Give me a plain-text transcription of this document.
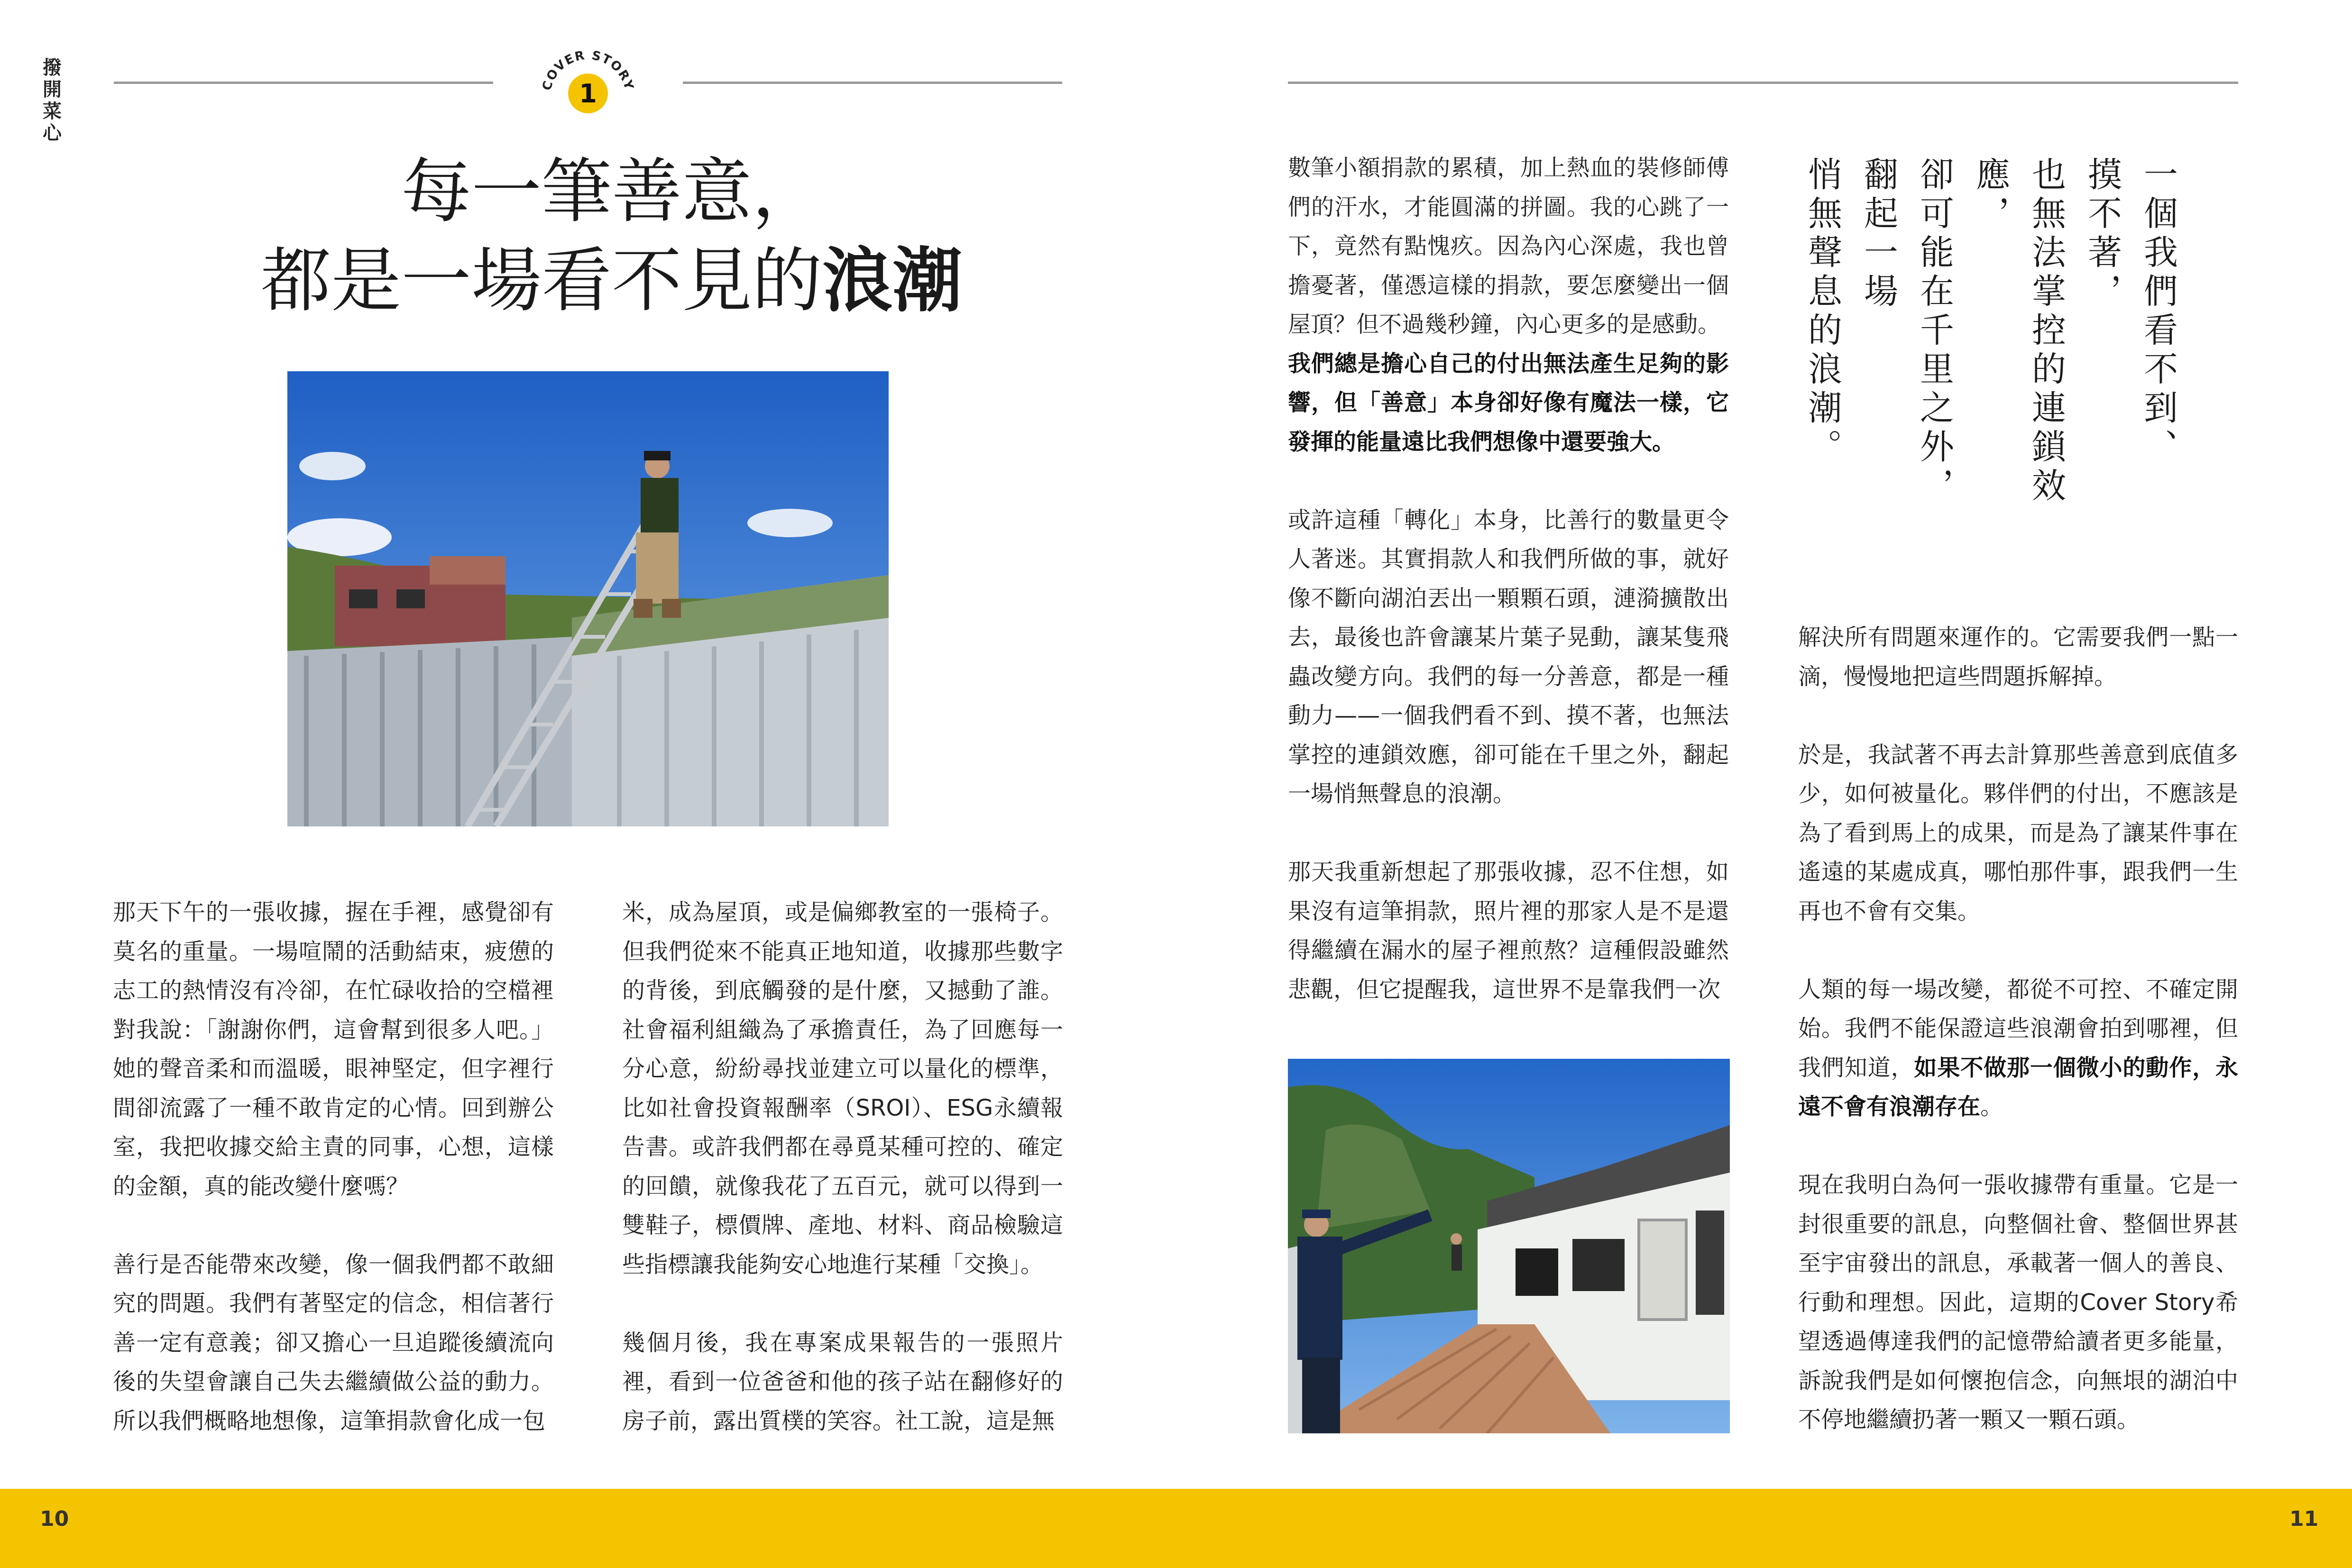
撥開菜心
COVER STORY
1
每一筆善意，
都是一場看不見的浪潮

那天下午的一張收據，握在手裡，感覺卻有莫名的重量。一場喧鬧的活動結束，疲憊的志工的熱情沒有冷卻，在忙碌收拾的空檔裡對我說：「謝謝你們，這會幫到很多人吧。」她的聲音柔和而溫暖，眼神堅定，但字裡行間卻流露了一種不敢肯定的心情。回到辦公室，我把收據交給主責的同事，心想，這樣的金額，真的能改變什麼嗎？

善行是否能帶來改變，像一個我們都不敢細究的問題。我們有著堅定的信念，相信著行善一定有意義；卻又擔心一旦追蹤後續流向後的失望會讓自己失去繼續做公益的動力。所以我們概略地想像，這筆捐款會化成一包

米，成為屋頂，或是偏鄉教室的一張椅子。但我們從來不能真正地知道，收據那些數字的背後，到底觸發的是什麼，又撼動了誰。社會福利組織為了承擔責任，為了回應每一分心意，紛紛尋找並建立可以量化的標準，比如社會投資報酬率（SROI）、ESG永續報告書。或許我們都在尋覓某種可控的、確定的回饋，就像我花了五百元，就可以得到一雙鞋子，標價牌、產地、材料、商品檢驗這些指標讓我能夠安心地進行某種「交換」。

幾個月後，我在專案成果報告的一張照片裡，看到一位爸爸和他的孩子站在翻修好的房子前，露出質樸的笑容。社工說，這是無

數筆小額捐款的累積，加上熱血的裝修師傅們的汗水，才能圓滿的拼圖。我的心跳了一下，竟然有點愧疚。因為內心深處，我也曾擔憂著，僅憑這樣的捐款，要怎麼變出一個屋頂？但不過幾秒鐘，內心更多的是感動。

我們總是擔心自己的付出無法產生足夠的影響，但「善意」本身卻好像有魔法一樣，它發揮的能量遠比我們想像中還要強大。

或許這種「轉化」本身，比善行的數量更令人著迷。其實捐款人和我們所做的事，就好像不斷向湖泊丟出一顆顆石頭，漣漪擴散出去，最後也許會讓某片葉子晃動，讓某隻飛蟲改變方向。我們的每一分善意，都是一種動力——一個我們看不到、摸不著，也無法掌控的連鎖效應，卻可能在千里之外，翻起一場悄無聲息的浪潮。

那天我重新想起了那張收據，忍不住想，如果沒有這筆捐款，照片裡的那家人是不是還得繼續在漏水的屋子裡煎熬？這種假設雖然悲觀，但它提醒我，這世界不是靠我們一次

一個我們看不到、
摸不著，
也無法掌控的連鎖效應，
卻可能在千里之外，
翻起一場
悄無聲息的浪潮。

解決所有問題來運作的。它需要我們一點一滴，慢慢地把這些問題拆解掉。

於是，我試著不再去計算那些善意到底值多少，如何被量化。夥伴們的付出，不應該是為了看到馬上的成果，而是為了讓某件事在遙遠的某處成真，哪怕那件事，跟我們一生再也不會有交集。

人類的每一場改變，都從不可控、不確定開始。我們不能保證這些浪潮會拍到哪裡，但我們知道，如果不做那一個微小的動作，永遠不會有浪潮存在。

現在我明白為何一張收據帶有重量。它是一封很重要的訊息，向整個社會、整個世界甚至宇宙發出的訊息，承載著一個人的善良、行動和理想。因此，這期的Cover Story希望透過傳達我們的記憶帶給讀者更多能量，訴說我們是如何懷抱信念，向無垠的湖泊中不停地繼續扔著一顆又一顆石頭。

10	11
